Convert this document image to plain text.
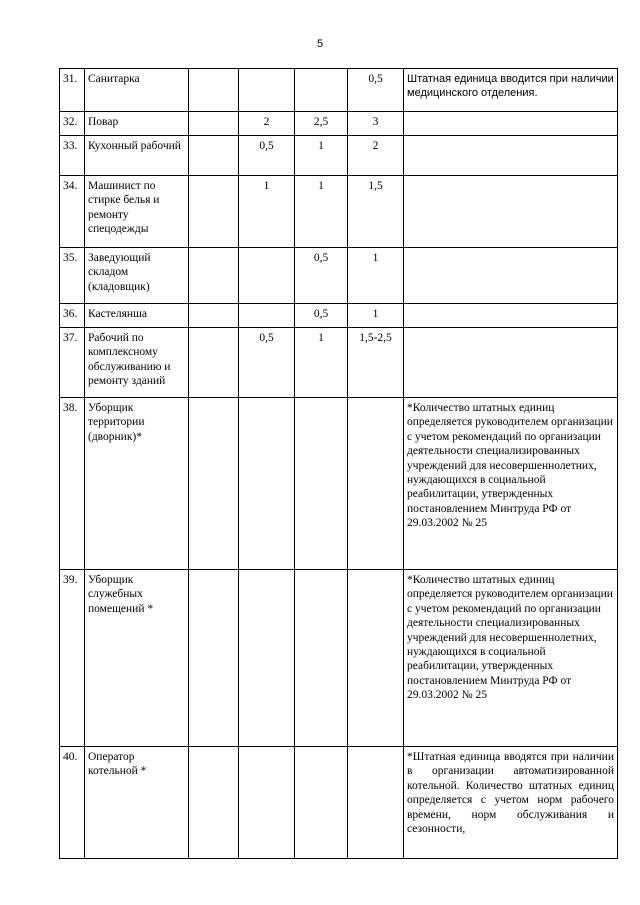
5
31.	Санитарка				0,5	Штатная единица вводится при наличии медицинского отделения.
32.	Повар		2	2,5	3	
33.	Кухонный рабочий		0,5	1	2	
34.	Машинист по стирке белья и ремонту спецодежды		1	1	1,5	
35.	Заведующий складом (кладовщик)			0,5	1	
36.	Кастелянша			0,5	1	
37.	Рабочий по комплексному обслуживанию и ремонту зданий		0,5	1	1,5-2,5	
38.	Уборщик территории (дворник)*					*Количество штатных единиц определяется руководителем организации с учетом рекомендаций по организации деятельности специализированных учреждений для несовершеннолетних, нуждающихся в социальной реабилитации, утвержденных постановлением Минтруда РФ от 29.03.2002 № 25
39.	Уборщик служебных помещений *					*Количество штатных единиц определяется руководителем организации с учетом рекомендаций по организации деятельности специализированных учреждений для несовершеннолетних, нуждающихся в социальной реабилитации, утвержденных постановлением Минтруда РФ от 29.03.2002 № 25
40.	Оператор котельной *					*Штатная единица вводятся при наличии в организации автоматизированной котельной. Количество штатных единиц определяется с учетом норм рабочего времени, норм обслуживания и сезонности,
